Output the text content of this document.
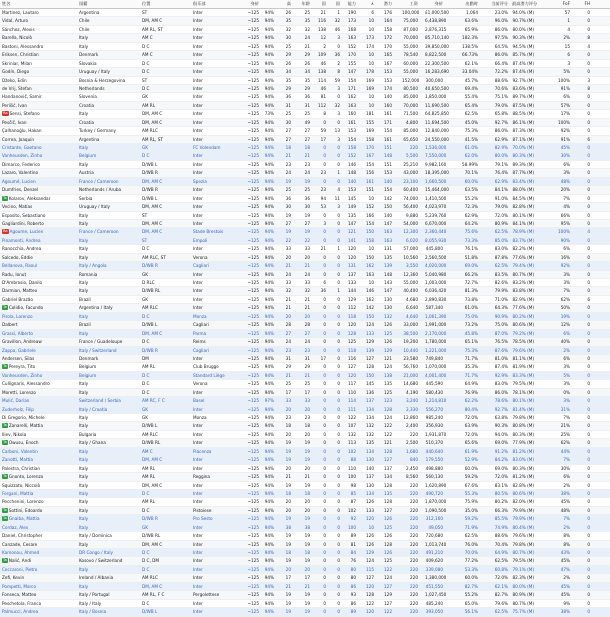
姓名	国籍	位置	俱乐部	身价	高	年龄	国	国	能力	∧	潜力	工资	身价	出勤时	当前评分 最高潜力评分	FoF	FH
Martinez, Lautaro	Argentina	ST	Inter	~125	94%	26	25	21	1	190	6	176 100,000 £1,000,500	1,064	23.0% 94.0% (M)	57	0
Vidal, Arturo	Chile	DM, AM C	Inter	~125	94%	35	35	116	32	173	10	164	75,000 6,438,890	63.6%	96.0% 90.7% (M)	1	0
Sánchez, Alexis	Chile	AM RL, ST	Inter	~125	94%	32	32	138	46	168	10	158	87,000 2,876,315	65.9%	86.0% 80.0% (M)	4	0
Barella, Nicolò	Italy	AM C	Inter	~125	94%	30	24	12	3	163	173	172	70,000 85,710,140	182.3%	97.5% 90.3% (M)	2%	8
Bastoni, Alessandro	Italy	D C	Inter	~125	94%	25	21	2	0	152	174	170	55,000 39,850,000	138.5%	64.5% 94.5% (M)	15	4
Eriksen, Christian	Denmark	AM C	Inter	~125	94%	29	29	109	36	170	10	165	78,540 8,822,500	66.73%	86.0% 85.7% (M)	6	0
Skriniar, Milan	Slovakia	D C	Inter	~125	94%	26	26	46	2	155	10	167	60,000 22,300,500	62.1%	66.4% 87.4% (M)	3	0
Godín, Diego	Uruguay / Italy	D C	Inter	~125	94%	34	34	138	8	147	178	153	55,000 16,283,690	33.04%	72.2% 87.4% (M)	5%	0
Džeko, Edin	Bosnia & Herzegovina	ST	Inter	~125	94%	35	35	114	59	154	169	153 152,000 300,000	45.7%	88.6% 92.7% (M)	100%	3
de Vrij, Stefan	Netherlands	D C	Inter	~125	94%	29	29	46	3	171	169	174	80,500 40,650,500	69.4%	70.6% 83.6% (M)	91%	8
Handanovič, Samir	Slovenia	GK	Inter	~125	94%	36	36	81	0	162	10	140	85,000 1,850,000	55.4%	75.1% 89.7% (M)	6%	0
Perišić, Ivan	Croatia	AM RL	Inter	~125	94%	31	31	112	32	163	10	160	70,000 11,690,500	65.4%	79.0% 87.5% (M)	57%	0
Ra Sensi, Stefano	Italy	DM, AM C	Inter	~125	73%	25	25	8	3	160	181	161	71,500 64,825,850	62.5%	65.8% 88.5% (M)	17%	0
Pesčič, Ivan	Croatia	DM, AM C	Inter	~125	94%	30	49	0	0	161	155	171	4,800 11,694,500	45.0%	92.7% 86.1% (M)	100%	0
Çalhanoğlu, Hakan	Turkey / Germany	AM RLC	Inter	~125	94%	27	27	59	13	153	169	154	85,000 12,840,000	75.3%	86.0% 87.3% (M)	92%	0
Correa, Joaquín	Argentina	AM RL, ST	Inter	~125	94%	27	27	17	3	154	158	161	65,650 24,550,000	41.5%	62.9% 87.1% (M)	91%	6
Cristante, Gaetano	Italy	GK	FC Volendam	~125	94%	18	18	0	0	158	170	151	220 1,536,000	61.0%	82.9% 70.0% (M)	45%	0
Vanheusden, Zinho	Belgium	D C	Inter	~125	94%	21	21	0	0	152	167	148	5,500 7,550,000	62.0%	80.0% 80.3% (M)	30%	0
Dimarco, Federico	Italy	D/WB L	Inter	~125	94%	23	23	0	0	146	154	151	25,210 9,982,160	58.99%	79.1% 89.3% (M)	6%	0
Lazaro, Valentino	Austria	D/WB R	Inter	~125	94%	24	24	23	1	148	156	153	43,000 18,395,000	70.1%	76.4% 87.7% (M)	3%	0
Agoumé, Lucien	France / Cameroon	DM, AM C	Spezia	~125	94%	19	19	0	0	140	161	140	23,100 1,660,500	60.0%	62.9% 83.4% (M)	48%	0
Dumfries, Denzel	Netherlands / Aruba	D/WB R	Inter	~125	94%	25	25	23	4	153	151	154	60,400 15,464,000	63.5%	84.1% 88.0% (M)	20%	0
Ta Kolarov, Aleksandar	Serbia	D/WB L	Inter	~125	94%	36	36	94	11	145	10	142	74,000 1,410,500	55.2%	91.0% 84.5% (M)	7%	0
Vecino, Matías	Uruguay / Italy	DM, AM C	Inter	~125	94%	30	30	53	3	149	152	150	56,400 4,023,970	72.3%	79.0% 82.8% (M)	4%	0
Esposito, Sebastiano	Italy	ST	Inter	~125	94%	19	19	0	0	135	166	140	9,880 5,239,760	62.9%	72.0% 80.1% (M)	66%	0
Gagliardini, Roberto	Italy	DM, AM C	Inter	~125	94%	27	27	3	0	147	154	147	54,000 6,670,000	64.2%	80.9% 84.1% (M)	95%	0
Ra Agoume, Lucien	France / Cameroon	DM, AM C	Stade Brestois	~125	94%	19	19	0	0	121	150	163	12,300 2,360,440	75.6%	62.5% 78.9% (M)	100%	4
Pinamonti, Andrea	Italy	ST	Empoli	~125	94%	22	22	0	0	141	158	163	6,020 8,055,930	73.3%	85.0% 83.7% (M)	90%	0
Ranocchia, Andrea	Italy	D C	Inter	~125	94%	33	33	21	1	120	10	131	57,000 445,800	76.1%	83.0% 82.2% (M)	6%	0
Salcedo, Eddie	Italy	AM RLC, ST	Verona	~125	94%	20	20	0	0	120	150	135	10,560 2,560,500	51.8%	87.8% 77.6% (M)	16%	0
Bellanova, Raoul	Italy / Angola	D/WB R	Cagliari	~125	94%	21	21	0	0	131	162	139	3,550 4,020,000	69.0%	62.5% 79.4% (M)	92%	0
Radu, Ionuț	Romania	GK	Inter	~125	94%	24	24	0	0	137	163	148	12,360 5,040,980	66.2%	83.5% 80.7% (M)	3%	0
D'Ambrosio, Danilo	Italy	D RLC	Inter	~125	94%	33	33	6	0	133	10	143	55,000 1,003,000	72.7%	82.6% 83.2% (M)	3%	0
Darmian, Matteo	Italy	D/WB RL	Inter	~125	94%	32	32	36	1	144	146	147	40,400 6,036,420	81.3%	79.9% 83.8% (M)	7%	0
Gabriel Brazão	Brazil	GK	Inter	~125	94%	21	21	0	0	129	162	130	4,680 2,890,830	73.8%	71.0% 82.9% (M)	62%	6
Ta Colidio, Facundo	Argentina / Italy	AM RLC	Inter	~125	94%	21	21	0	0	112	142	130	6,640 587,340	61.0%	64.3% 77.6% (M)	50%	0
Pirola, Lorenzo	Italy	D C	Monza	~125	94%	20	20	0	0	118	150	132	4,640 1,061,390	75.0%	90.9% 80.2% (M)	19%	0
Dalbert	Brazil	D/WB L	Cagliari	~125	94%	28	28	0	0	120	124	126	33,000 1,991,000	73.2%	75.0% 80.6% (M)	12%	0
Grassi, Alberto	Italy	DM, AM C	Parma	~125	94%	27	27	0	0	128	133	125	38,500 2,170,000	45.8%	87.0% 79.2% (M)	6%	0
Gravillon, Andreaw	France / Guadeloupe	D C	Reims	~125	94%	24	24	0	0	125	129	126	19,200 1,780,000	65.1%	76.5% 78.5% (M)	40%	0
Zappa, Gabriele	Italy / Switzerland	D/WB R	Cagliari	~125	94%	23	23	0	0	118	139	129	10,440 1,221,000	75.3%	87.6% 79.6% (M)	2%	0
Andersen, Silas	Denmark	DM	Inter	~125	94%	31	31	17	0	116	127	121	23,580 749,840	71.7%	81.0% 81.1% (M)	6%	0
Ta Pereyra, Tito	Belgium	AM RL	Club Brugge	~125	94%	29	29	0	0	127	128	124	56,760 1,070,000	35.3%	87.4% 81.9% (M)	3%	0
Vanheusden, Zinho	Belgium	D C	Standard Liège	~125	94%	21	21	0	0	120	150	138	21,000 4,001,400	71.7%	92.9% 83.3% (M)	5%	0
Cullignaris, Alessandro	Italy	D C	Verona	~125	94%	25	25	0	0	117	145	135	14,680 445,590	64.9%	83.0% 79.5% (M)	3%	0
Moretti, Lorenzo	Italy	D C	Inter	~125	94%	17	17	0	0	110	136	125	4,190 580,430	76.9%	86.0% 78.1% (M)	0%	0
Mulić, Darian	Switzerland / Serbia	AM RC, F C	Basel	~125	97%	33	33	0	0	114	137	123	3,240 1,214,810	62.2%	78.6% 80.1% (M)	3%	0
Zuderholz, Filip	Italy / Croatia	GK	Inter	~125	94%	20	20	0	0	111	134	128	2,330 556,270	80.4%	92.7% 81.4% (M)	31%	0
Di Gregorio, Michele	Italy	GK	Monza	~125	94%	23	23	0	0	122	134	124	12,860 985,240	72.0%	63.8% 79.8% (M)	7%	0
Ta Zanarelli, Mattia	Italy	D/WB L	Inter	~125	94%	18	18	0	0	107	132	122	2,400 356,930	63.9%	90.3% 80.8% (M)	21%	0
Iliev, Nikola	Bulgaria	AM RLC	Inter	~125	94%	20	20	0	0	132	132	122	220 1,931,870	72.0%	94.0% 80.3% (M)	25%	0
Ta Owusu, Enoch	Italy / Ghana	D/WB RL	Inter	~125	94%	19	19	0	0	113	135	121	2,500 510,370	65.6%	69.0% 77.9% (M)	62%	0
Carboni, Valentin	Italy	AM C	Piacenza	~125	94%	19	19	0	0	102	134	128	1,680 440,640	61.9%	91.2% 81.2% (M)	44%	0
Zanotti, Mattia	Italy	DM, AM C	Inter	~125	94%	19	19	0	0	88	130	127	840 179,550	52.9%	84.2% 83.0% (M)	7%	0
Palestra, Christian	Italy	AM RL	Inter	~125	94%	20	20	0	0	110	140	137	2,450 498,880	60.0%	69.0% 80.3% (M)	30%	0
Ta Gnonto, Lorenzo	Italy	AM RL	Reggina	~125	94%	21	21	0	0	100	137	134	8,560 560,130	59.2%	72.0% 81.2% (M)	6%	0
Squizzato, Niccolò	Italy	DM, AM C	Inter	~125	94%	19	19	0	0	98	130	128	220 1,620,890	67.6%	83.1% 82.8% (M)	2%	0
Fergani, Mattia	Italy	D C	Inter	~125	94%	18	18	0	0	85	134	135	220 490,720	55.3%	80.5% 80.6% (M)	38%	0
Pecchenini, Lorenzo	Italy	AM RL	Inter	~125	94%	20	20	0	0	87	126	128	220 1,870,000	75.9%	80.2% 82.0% (M)	45%	0
Ta Sottini, Edoardo	Italy	D C	Pistoiese	~125	94%	20	20	0	0	102	133	127	220 1,090,500	35.0%	66.3% 79.9% (M)	48%	0
Ta Gnaiba, Mattia	Italy	D/WB R	Pro Sesto	~125	94%	19	19	0	0	92	120	126	220 312,160	59.2%	85.5% 79.9% (M)	7%	0
Cordaz, Alex	Italy	GK	Inter	~125	94%	38	38	0	0	100	10	125	220	49,050	71.9%	74.9% 80.4% (M)	2%	0
Daniel, Christopher	Italy / Dominica	D/WB RL	Inter	~125	94%	19	19	0	0	89	126	126	220 720,680	62.5%	88.6% 79.6% (M)	8%	0
Canzade, Cesare	Italy	DM, AM C	Inter	~125	94%	19	19	0	0	81	126	128	220 1,013,740	76.0%	70.4% 79.8% (M)	8%	0
Kamonou, Ahmed	DR Congo / Italy	D C	Inter	~125	94%	18	18	0	0	84	129	126	220 491,210	70.0%	64.9% 80.7% (M)	43%	0
Ta Nalić, Andi	Kosovo / Switzerland	D C, DM	Inter	~125	94%	19	19	0	0	76	124	125	220 409,620	77.2%	62.5% 79.5% (M)	45%	0
Ceccaroni, Pietro	Italy	D C	Inter	~125	94%	20	20	0	0	80	115	122	220 339,080	53.3%	60.8% 79.1% (M)	47%	0
Zefi, Kevin	Ireland / Albania	AM RLC	Inter	~125	94%	17	17	0	0	80	127	124	220 1,380,000	60.0%	72.0% 82.3% (M)	2%	0
Pompetti, Marco	Italy	DM, AM C	Inter	~125	94%	21	21	0	0	86	120	127	220 451,550	82.7%	62.1% 80.0% (M)	45%	0
Fonseca, Matteo	Italy / Portugal	AM RL, F C	Pergolettese	~125	94%	19	19	0	0	93	128	129	220 1,027,450	55.2%	82.7% 80.9% (M)	45%	0
Peschetola, Franco	Italy / Italy	D C	Inter	~125	94%	19	19	0	0	86	122	127	220 485,240	65.0%	79.6% 80.7% (M)	9%	0
Palmucci, Andrea	Italy / Bosnia	D/WB L	Inter	~125	94%	19	19	0	0	89	120	122	220 393,050	56.1%	62.5% 75.7% (M)	38%	0
